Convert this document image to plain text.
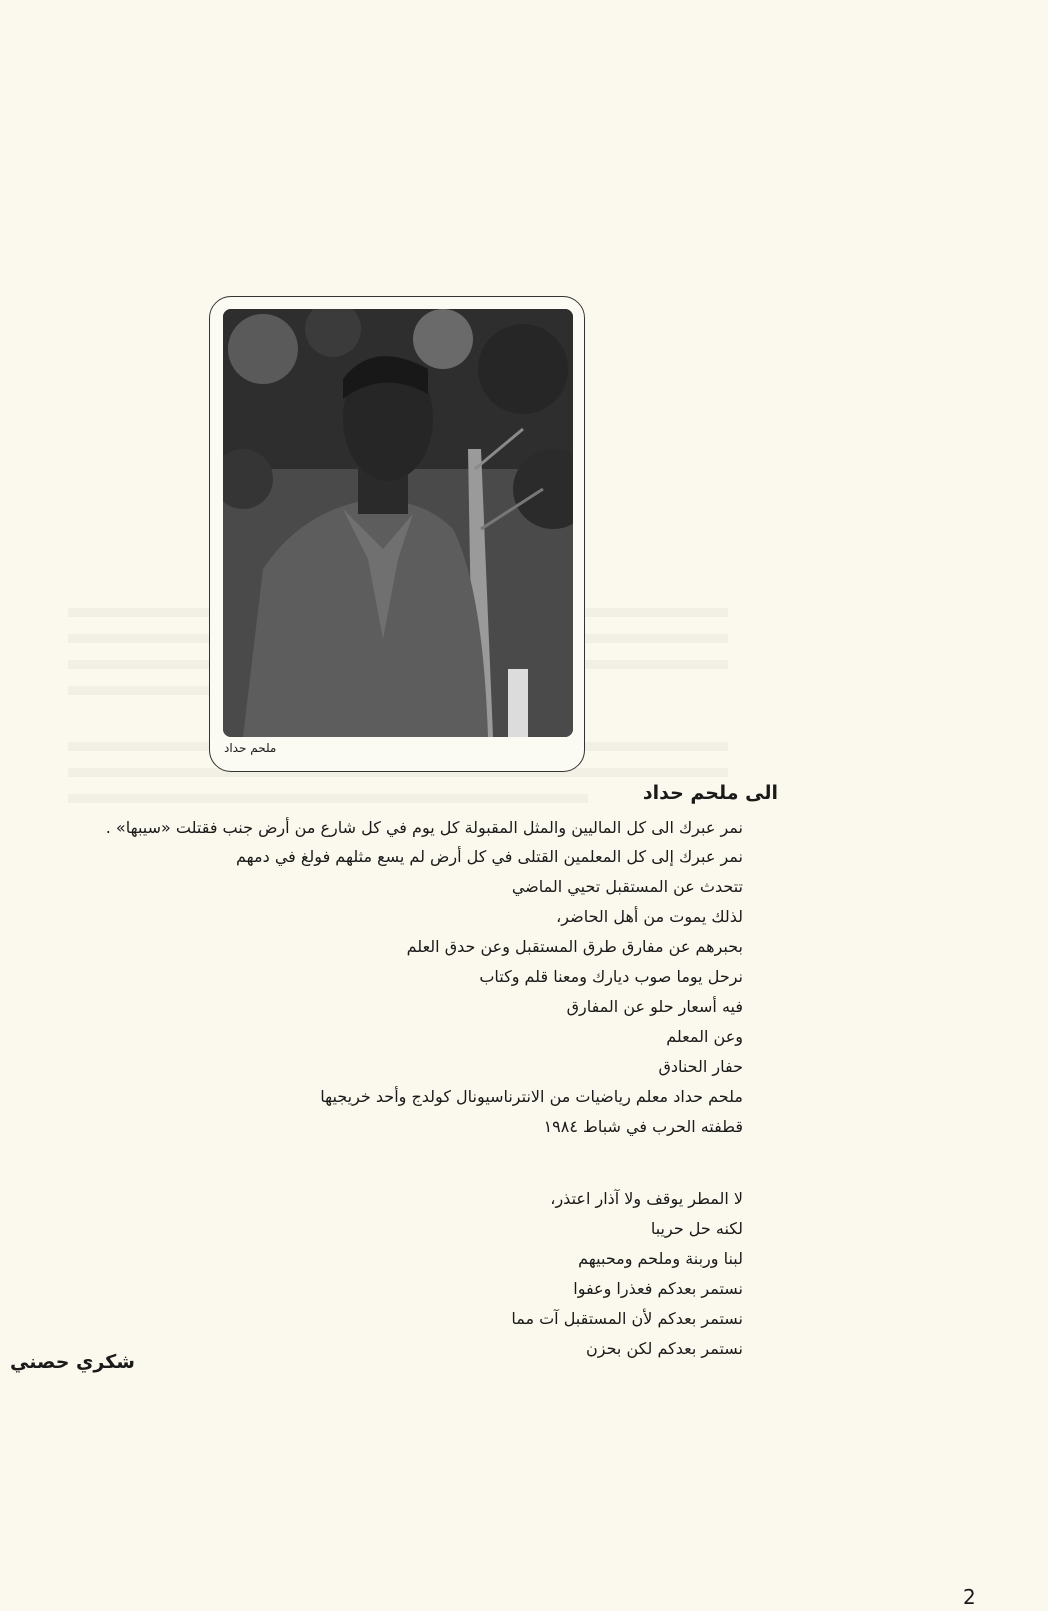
ملحم حداد
الى ملحم حداد
نمر عبرك الى كل الماليين والمثل المقبولة كل يوم في كل شارع من أرض جنب فقتلت «سيبها» .
نمر عبرك إلى كل المعلمين القتلى في كل أرض لم يسع مثلهم فولغ في دمهم
تتحدث عن المستقبل تحيي الماضي
لذلك يموت من أهل الحاضر،
بحبرهم عن مفارق طرق المستقبل وعن حدق العلم
نرحل يوما صوب ديارك ومعنا قلم وكتاب
فيه أسعار حلو عن المفارق
وعن المعلم
حفار الحنادق
ملحم حداد معلم رياضيات من الانترناسيونال كولدج وأحد خريجيها
قطفته الحرب في شباط ١٩٨٤
لا المطر يوقف ولا آذار اعتذر،
لكنه حل حريبا
لبنا وربنة وملحم ومحبيهم
نستمر بعدكم فعذرا وعفوا
نستمر بعدكم لأن المستقبل آت مما
نستمر بعدكم لكن بحزن
شكري حصني
2
